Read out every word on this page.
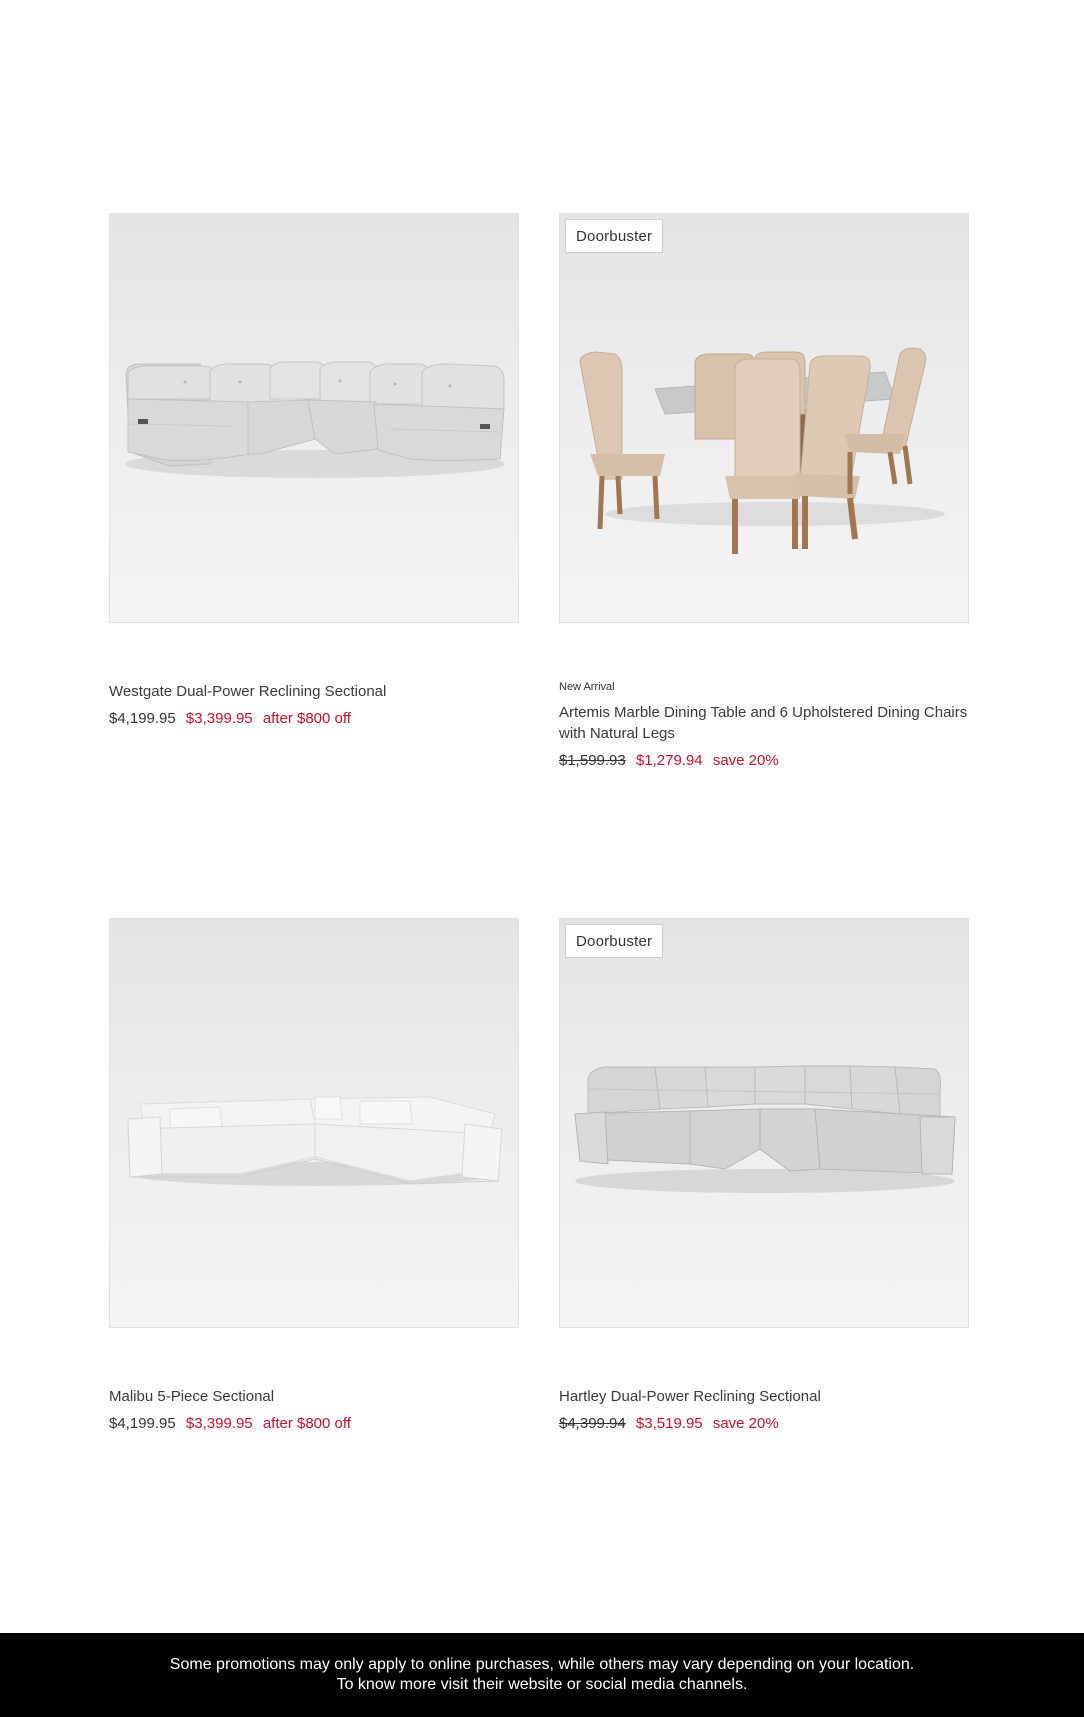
Westgate Dual-Power Reclining Sectional
$4,199.95 $3,399.95 after $800 off
Doorbuster
New Arrival
Artemis Marble Dining Table and 6 Upholstered Dining Chairs with Natural Legs
$1,599.93 $1,279.94 save 20%
Malibu 5-Piece Sectional
$4,199.95 $3,399.95 after $800 off
Doorbuster
Hartley Dual-Power Reclining Sectional
$4,399.94 $3,519.95 save 20%
Some promotions may only apply to online purchases, while others may vary depending on your location.
To know more visit their website or social media channels.
